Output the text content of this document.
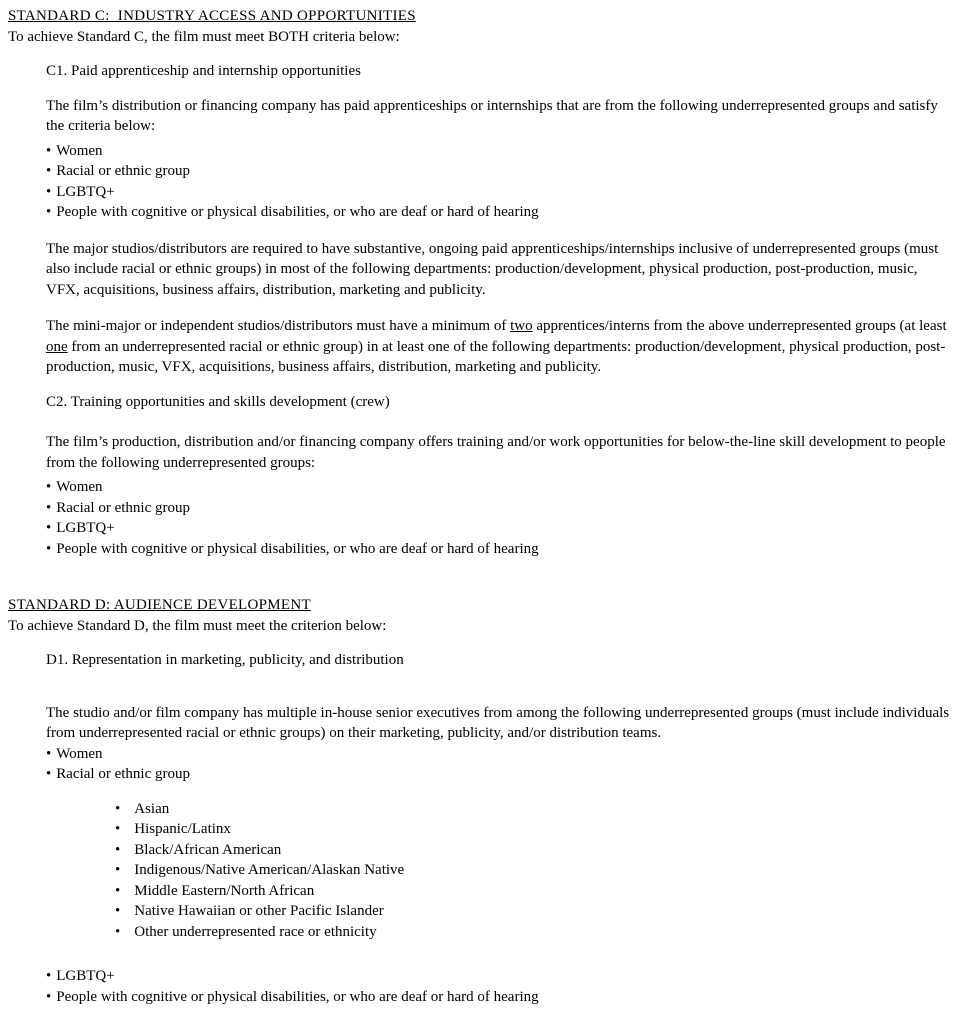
STANDARD C:  INDUSTRY ACCESS AND OPPORTUNITIES
To achieve Standard C, the film must meet BOTH criteria below:
C1. Paid apprenticeship and internship opportunities

The film’s distribution or financing company has paid apprenticeships or internships that are from the following underrepresented groups and satisfy the criteria below:

• Women
• Racial or ethnic group
• LGBTQ+
• People with cognitive or physical disabilities, or who are deaf or hard of hearing

The major studios/distributors are required to have substantive, ongoing paid apprenticeships/internships inclusive of underrepresented groups (must also include racial or ethnic groups) in most of the following departments: production/development, physical production, post-production, music, VFX, acquisitions, business affairs, distribution, marketing and publicity.

The mini-major or independent studios/distributors must have a minimum of two apprentices/interns from the above underrepresented groups (at least one from an underrepresented racial or ethnic group) in at least one of the following departments: production/development, physical production, post-production, music, VFX, acquisitions, business affairs, distribution, marketing and publicity.

C2. Training opportunities and skills development (crew)

The film’s production, distribution and/or financing company offers training and/or work opportunities for below-the-line skill development to people from the following underrepresented groups:

• Women
• Racial or ethnic group
• LGBTQ+
• People with cognitive or physical disabilities, or who are deaf or hard of hearing
STANDARD D: AUDIENCE DEVELOPMENT
To achieve Standard D, the film must meet the criterion below:
D1. Representation in marketing, publicity, and distribution

The studio and/or film company has multiple in-house senior executives from among the following underrepresented groups (must include individuals from underrepresented racial or ethnic groups) on their marketing, publicity, and/or distribution teams.

• Women
• Racial or ethnic group
• Asian
• Hispanic/Latinx
• Black/African American
• Indigenous/Native American/Alaskan Native
• Middle Eastern/North African
• Native Hawaiian or other Pacific Islander
• Other underrepresented race or ethnicity
• LGBTQ+
• People with cognitive or physical disabilities, or who are deaf or hard of hearing
